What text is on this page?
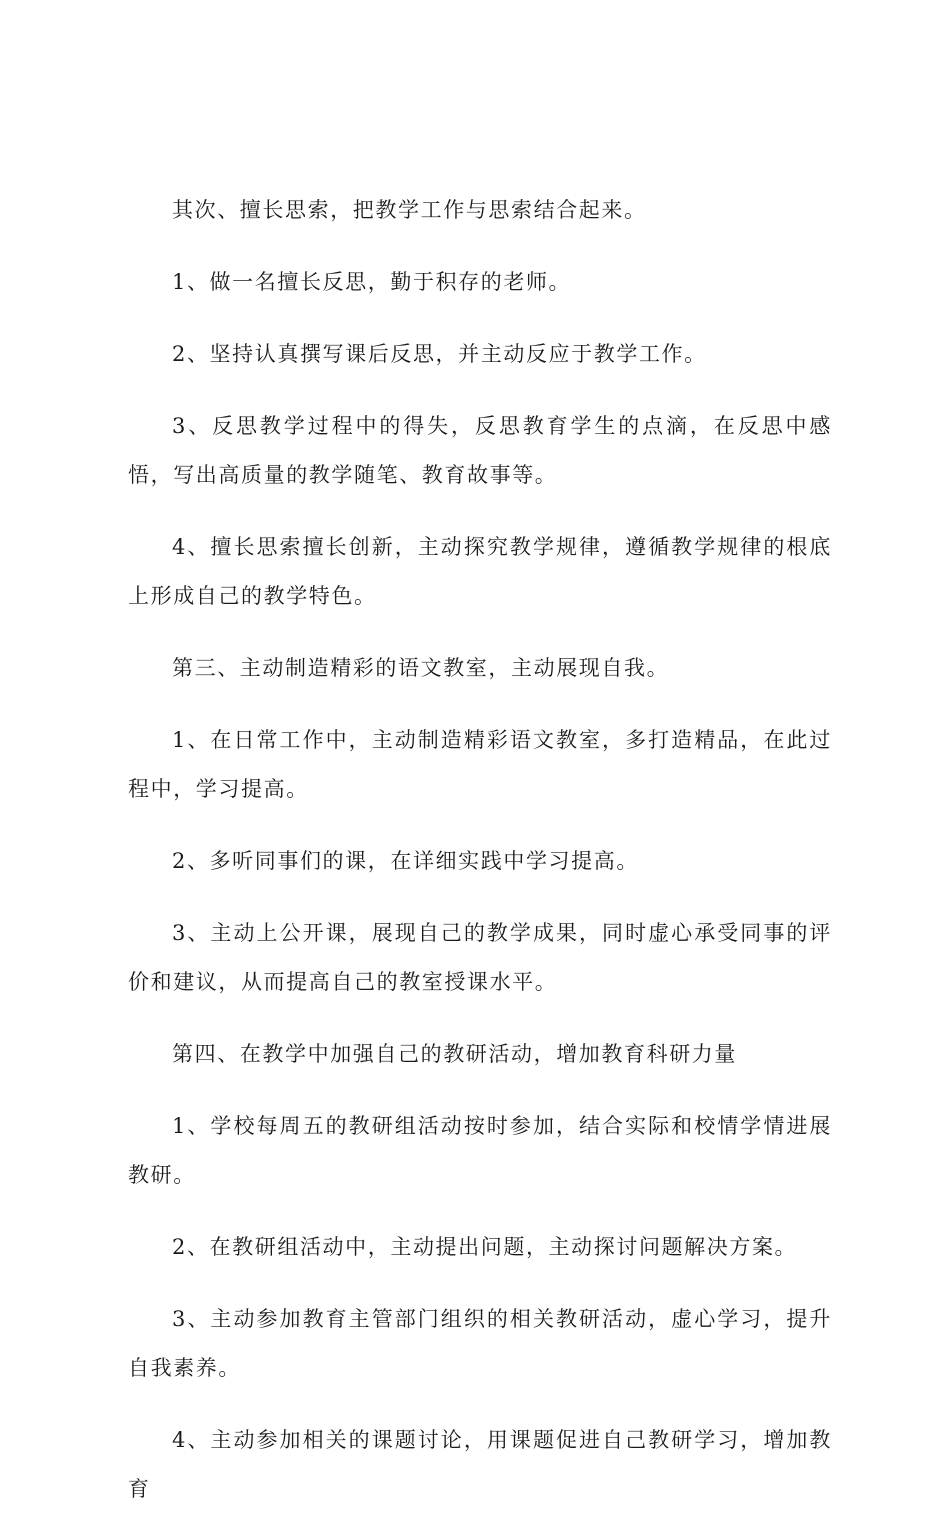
其次、擅长思索，把教学工作与思索结合起来。

1、做一名擅长反思，勤于积存的老师。

2、坚持认真撰写课后反思，并主动反应于教学工作。

3、反思教学过程中的得失，反思教育学生的点滴，在反思中感悟，写出高质量的教学随笔、教育故事等。

4、擅长思索擅长创新，主动探究教学规律，遵循教学规律的根底上形成自己的教学特色。

第三、主动制造精彩的语文教室，主动展现自我。

1、在日常工作中，主动制造精彩语文教室，多打造精品，在此过程中，学习提高。

2、多听同事们的课，在详细实践中学习提高。

3、主动上公开课，展现自己的教学成果，同时虚心承受同事的评价和建议，从而提高自己的教室授课水平。

第四、在教学中加强自己的教研活动，增加教育科研力量

1、学校每周五的教研组活动按时参加，结合实际和校情学情进展教研。

2、在教研组活动中，主动提出问题，主动探讨问题解决方案。

3、主动参加教育主管部门组织的相关教研活动，虚心学习，提升自我素养。

4、主动参加相关的课题讨论，用课题促进自己教研学习，增加教育
